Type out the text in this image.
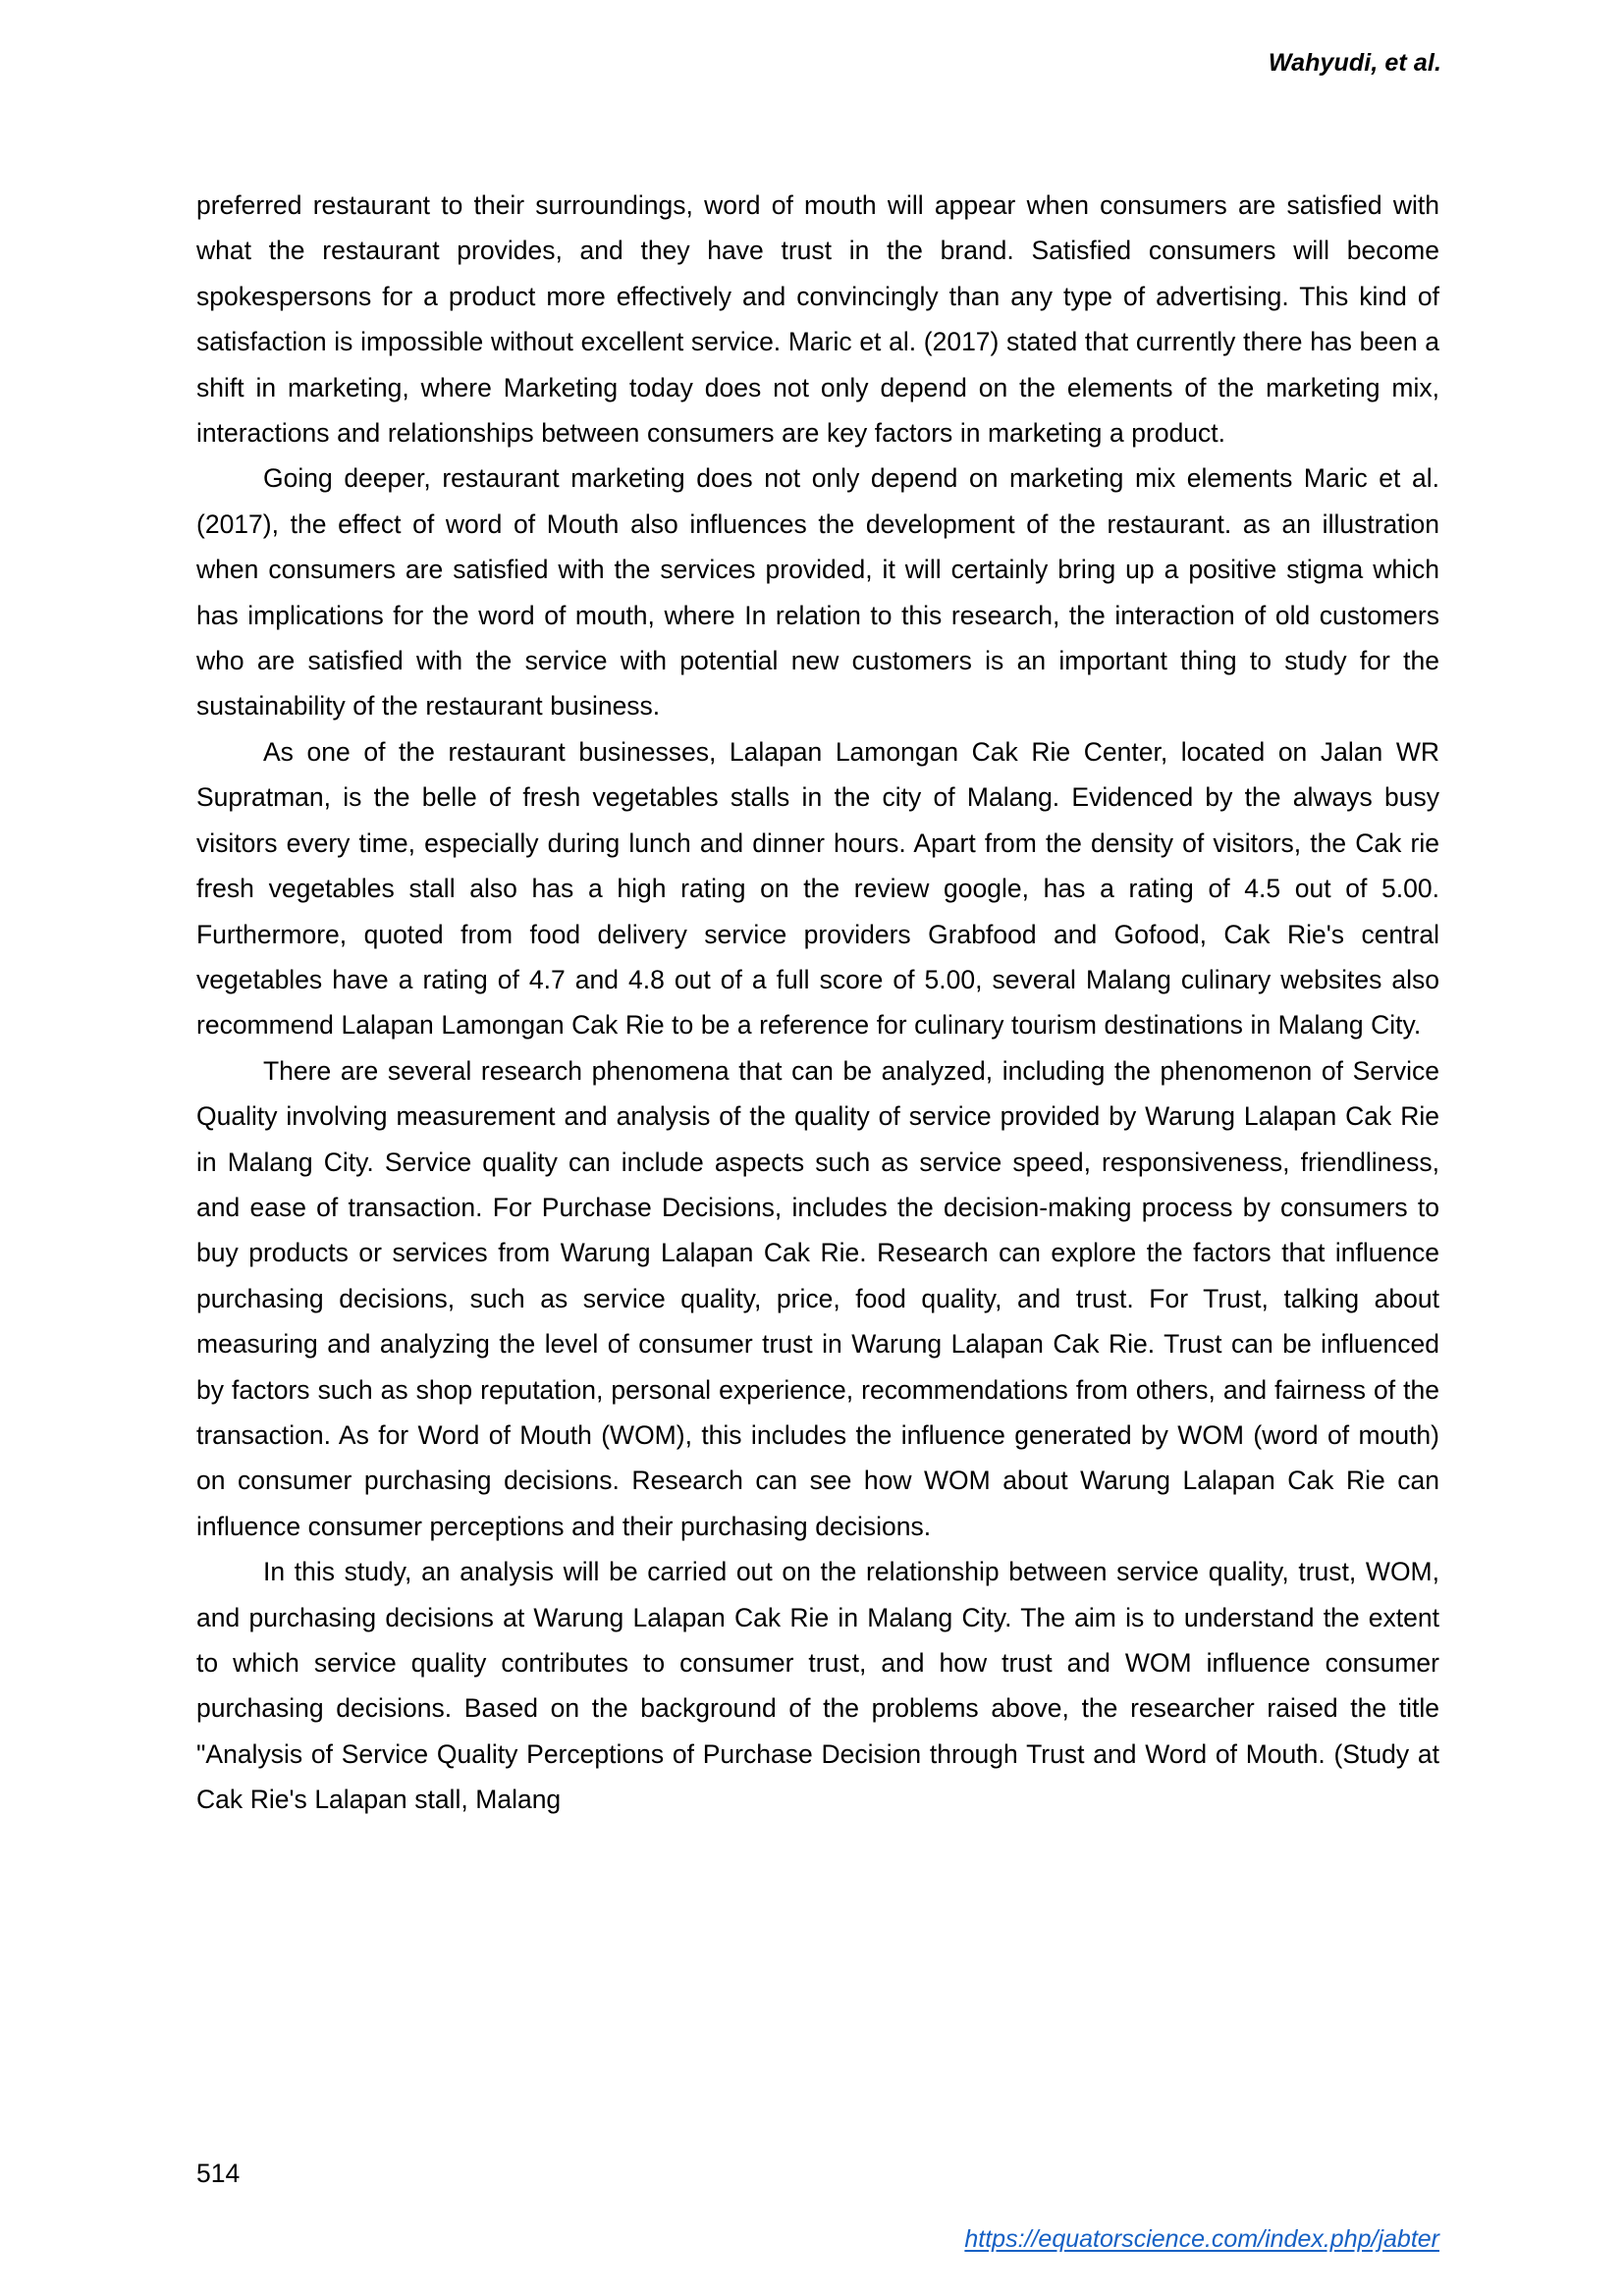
Wahyudi, et al.

preferred restaurant to their surroundings, word of mouth will appear when consumers are satisfied with what the restaurant provides, and they have trust in the brand. Satisfied consumers will become spokespersons for a product more effectively and convincingly than any type of advertising. This kind of satisfaction is impossible without excellent service. Maric et al. (2017) stated that currently there has been a shift in marketing, where Marketing today does not only depend on the elements of the marketing mix, interactions and relationships between consumers are key factors in marketing a product.

Going deeper, restaurant marketing does not only depend on marketing mix elements Maric et al. (2017), the effect of word of Mouth also influences the development of the restaurant. as an illustration when consumers are satisfied with the services provided, it will certainly bring up a positive stigma which has implications for the word of mouth, where In relation to this research, the interaction of old customers who are satisfied with the service with potential new customers is an important thing to study for the sustainability of the restaurant business.

As one of the restaurant businesses, Lalapan Lamongan Cak Rie Center, located on Jalan WR Supratman, is the belle of fresh vegetables stalls in the city of Malang. Evidenced by the always busy visitors every time, especially during lunch and dinner hours. Apart from the density of visitors, the Cak rie fresh vegetables stall also has a high rating on the review google, has a rating of 4.5 out of 5.00. Furthermore, quoted from food delivery service providers Grabfood and Gofood, Cak Rie's central vegetables have a rating of 4.7 and 4.8 out of a full score of 5.00, several Malang culinary websites also recommend Lalapan Lamongan Cak Rie to be a reference for culinary tourism destinations in Malang City.

There are several research phenomena that can be analyzed, including the phenomenon of Service Quality involving measurement and analysis of the quality of service provided by Warung Lalapan Cak Rie in Malang City. Service quality can include aspects such as service speed, responsiveness, friendliness, and ease of transaction. For Purchase Decisions, includes the decision-making process by consumers to buy products or services from Warung Lalapan Cak Rie. Research can explore the factors that influence purchasing decisions, such as service quality, price, food quality, and trust. For Trust, talking about measuring and analyzing the level of consumer trust in Warung Lalapan Cak Rie. Trust can be influenced by factors such as shop reputation, personal experience, recommendations from others, and fairness of the transaction. As for Word of Mouth (WOM), this includes the influence generated by WOM (word of mouth) on consumer purchasing decisions. Research can see how WOM about Warung Lalapan Cak Rie can influence consumer perceptions and their purchasing decisions.

In this study, an analysis will be carried out on the relationship between service quality, trust, WOM, and purchasing decisions at Warung Lalapan Cak Rie in Malang City. The aim is to understand the extent to which service quality contributes to consumer trust, and how trust and WOM influence consumer purchasing decisions. Based on the background of the problems above, the researcher raised the title "Analysis of Service Quality Perceptions of Purchase Decision through Trust and Word of Mouth. (Study at Cak Rie's Lalapan stall, Malang

514
https://equatorscience.com/index.php/jabter
